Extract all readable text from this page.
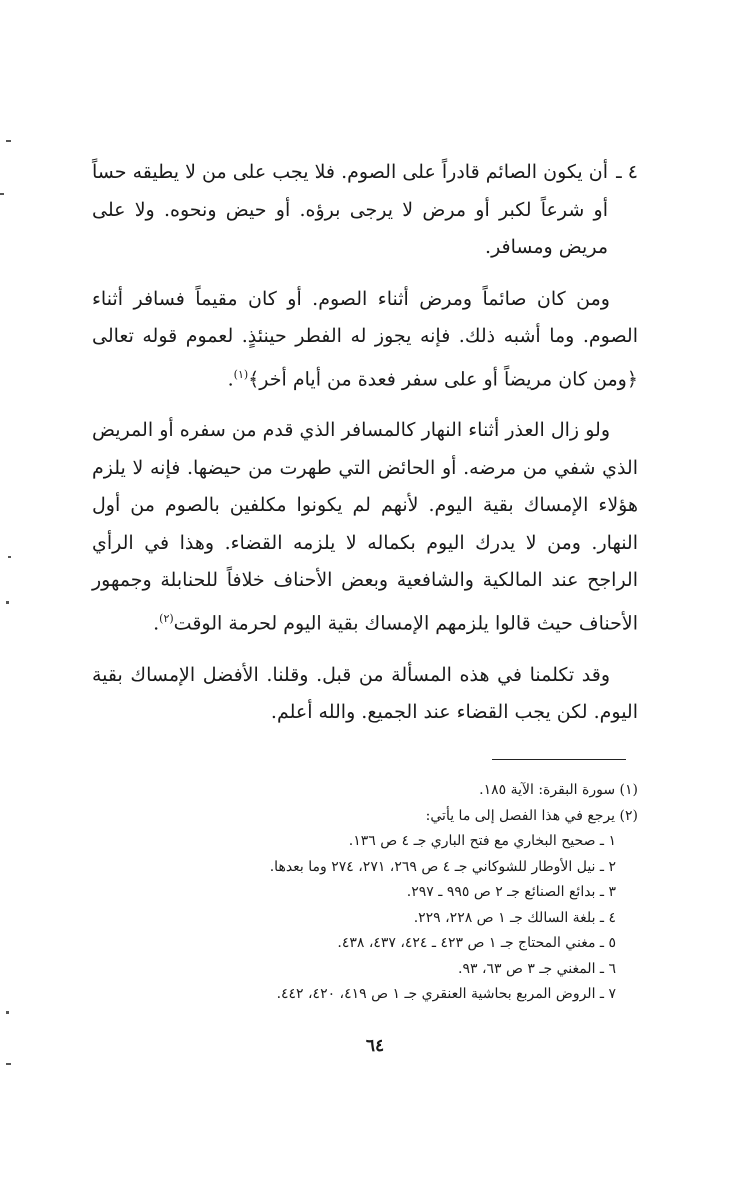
٤ ـ
أن يكون الصائم قادراً على الصوم. فلا يجب على من لا يطيقه حساً أو شرعاً لكبر أو مرض لا يرجى برؤه. أو حيض ونحوه. ولا على مريض ومسافر.

ومن كان صائماً ومرض أثناء الصوم. أو كان مقيماً فسافر أثناء الصوم. وما أشبه ذلك. فإنه يجوز له الفطر حينئذٍ. لعموم قوله تعالى ﴿ومن كان مريضاً أو على سفر فعدة من أيام أخر﴾$^{(١)}$.

ولو زال العذر أثناء النهار كالمسافر الذي قدم من سفره أو المريض الذي شفي من مرضه. أو الحائض التي طهرت من حيضها. فإنه لا يلزم هؤلاء الإمساك بقية اليوم. لأنهم لم يكونوا مكلفين بالصوم من أول النهار. ومن لا يدرك اليوم بكماله لا يلزمه القضاء. وهذا في الرأي الراجح عند المالكية والشافعية وبعض الأحناف خلافاً للحنابلة وجمهور الأحناف حيث قالوا يلزمهم الإمساك بقية اليوم لحرمة الوقت$^{(٢)}$.

وقد تكلمنا في هذه المسألة من قبل. وقلنا. الأفضل الإمساك بقية اليوم. لكن يجب القضاء عند الجميع. والله أعلم.

(١) سورة البقرة: الآية ١٨٥.
(٢) يرجع في هذا الفصل إلى ما يأتي:
١ ـ صحيح البخاري مع فتح الباري جـ ٤ ص ١٣٦.
٢ ـ نيل الأوطار للشوكاني جـ ٤ ص ٢٦٩، ٢٧١، ٢٧٤ وما بعدها.
٣ ـ بدائع الصنائع جـ ٢ ص ٩٩٥ ـ ٢٩٧.
٤ ـ بلغة السالك جـ ١ ص ٢٢٨، ٢٢٩.
٥ ـ مغني المحتاج جـ ١ ص ٤٢٣ ـ ٤٢٤، ٤٣٧، ٤٣٨.
٦ ـ المغني جـ ٣ ص ٦٣، ٩٣.
٧ ـ الروض المربع بحاشية العنقري جـ ١ ص ٤١٩، ٤٢٠، ٤٤٢.
٦٤
